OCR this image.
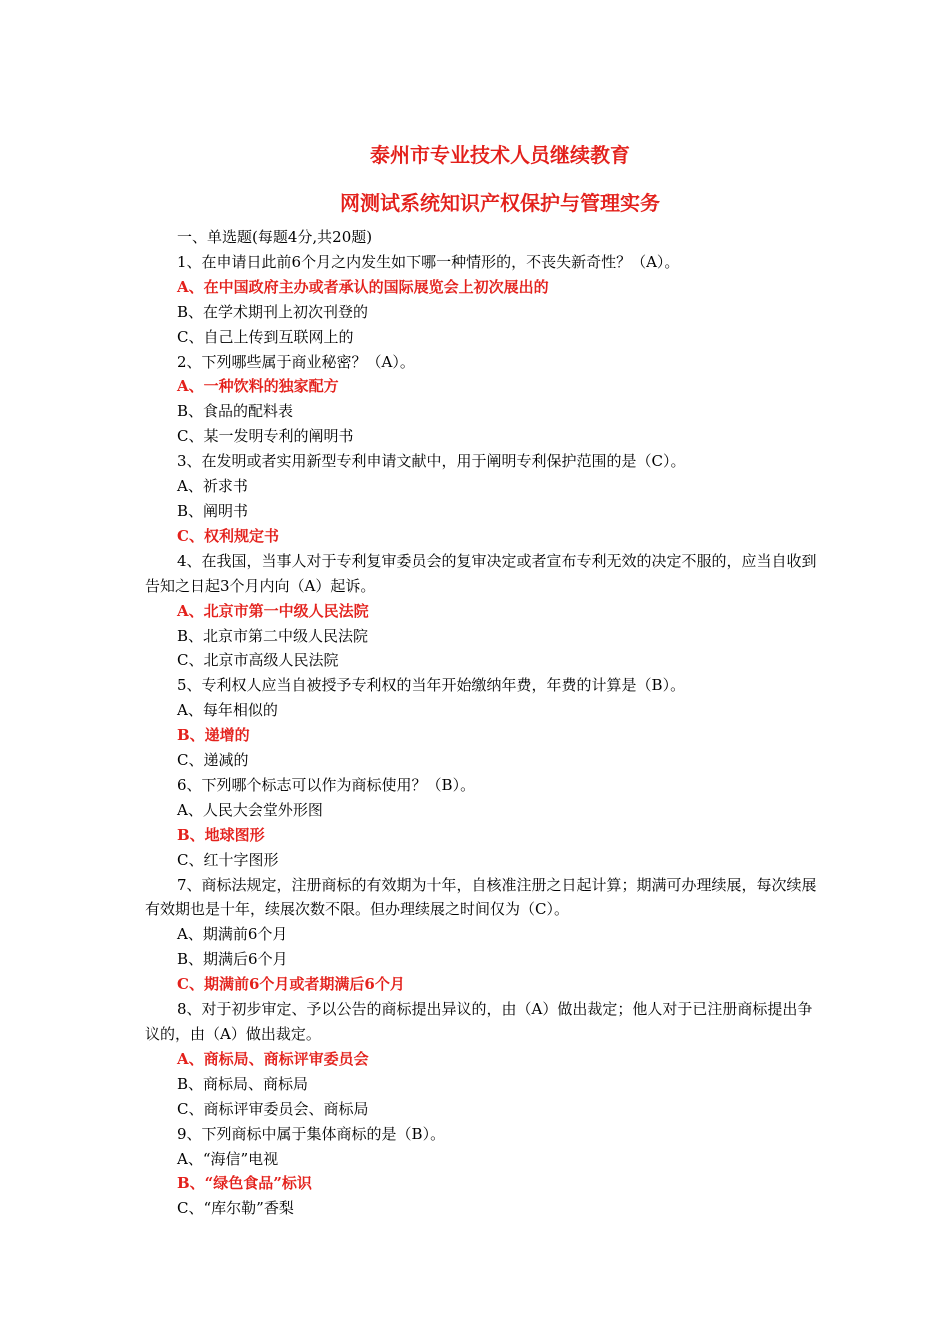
泰州市专业技术人员继续教育
网测试系统知识产权保护与管理实务
一、单选题(每题4分,共20题)
1、在申请日此前6个月之内发生如下哪一种情形的，不丧失新奇性？（A）。
A、在中国政府主办或者承认的国际展览会上初次展出的
B、在学术期刊上初次刊登的
C、自己上传到互联网上的
2、下列哪些属于商业秘密？（A）。
A、一种饮料的独家配方
B、食品的配料表
C、某一发明专利的阐明书
3、在发明或者实用新型专利申请文献中，用于阐明专利保护范围的是（C）。
A、祈求书
B、阐明书
C、权利规定书
4、在我国，当事人对于专利复审委员会的复审决定或者宣布专利无效的决定不服的，应当自收到告知之日起3个月内向（A）起诉。
A、北京市第一中级人民法院
B、北京市第二中级人民法院
C、北京市高级人民法院
5、专利权人应当自被授予专利权的当年开始缴纳年费，年费的计算是（B）。
A、每年相似的
B、递增的
C、递减的
6、下列哪个标志可以作为商标使用？（B）。
A、人民大会堂外形图
B、地球图形
C、红十字图形
7、商标法规定，注册商标的有效期为十年，自核准注册之日起计算；期满可办理续展，每次续展有效期也是十年，续展次数不限。但办理续展之时间仅为（C）。
A、期满前6个月
B、期满后6个月
C、期满前6个月或者期满后6个月
8、对于初步审定、予以公告的商标提出异议的，由（A）做出裁定；他人对于已注册商标提出争议的，由（A）做出裁定。
A、商标局、商标评审委员会
B、商标局、商标局
C、商标评审委员会、商标局
9、下列商标中属于集体商标的是（B）。
A、“海信”电视
B、“绿色食品”标识
C、“库尔勒”香梨
